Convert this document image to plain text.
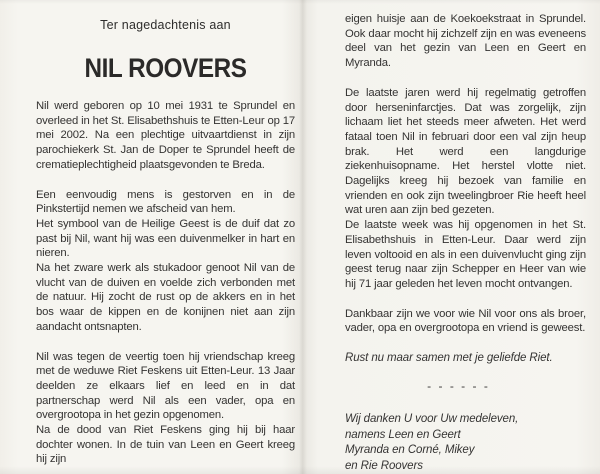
Ter nagedachtenis aan
NIL ROOVERS

Nil werd geboren op 10 mei 1931 te Sprundel en overleed in het St. Elisabethshuis te Etten-Leur op 17 mei 2002. Na een plechtige uitvaartdienst in zijn parochiekerk St. Jan de Doper te Sprundel heeft de crematieplechtigheid plaatsgevonden te Breda.

Een eenvoudig mens is gestorven en in de Pinkstertijd nemen we afscheid van hem.

Het symbool van de Heilige Geest is de duif dat zo past bij Nil, want hij was een duivenmelker in hart en nieren.

Na het zware werk als stukadoor genoot Nil van de vlucht van de duiven en voelde zich verbonden met de natuur. Hij zocht de rust op de akkers en in het bos waar de kippen en de konijnen niet aan zijn aandacht ontsnapten.

Nil was tegen de veertig toen hij vriendschap kreeg met de weduwe Riet Feskens uit Etten-Leur. 13 Jaar deelden ze elkaars lief en leed en in dat partnerschap werd Nil als een vader, opa en overgrootopa in het gezin opgenomen.

Na de dood van Riet Feskens ging hij bij haar dochter wonen. In de tuin van Leen en Geert kreeg hij zijn

eigen huisje aan de Koekoekstraat in Sprundel. Ook daar mocht hij zichzelf zijn en was eveneens deel van het gezin van Leen en Geert en Myranda.

De laatste jaren werd hij regelmatig getroffen door herseninfarctjes. Dat was zorgelijk, zijn lichaam liet het steeds meer afweten. Het werd fataal toen Nil in februari door een val zijn heup brak. Het werd een langdurige ziekenhuisopname. Het herstel vlotte niet. Dagelijks kreeg hij bezoek van familie en vrienden en ook zijn tweelingbroer Rie heeft heel wat uren aan zijn bed gezeten.

De laatste week was hij opgenomen in het St. Elisabethshuis in Etten-Leur. Daar werd zijn leven voltooid en als in een duivenvlucht ging zijn geest terug naar zijn Schepper en Heer van wie hij 71 jaar geleden het leven mocht ontvangen.

Dankbaar zijn we voor wie Nil voor ons als broer, vader, opa en overgrootopa en vriend is geweest.

Rust nu maar samen met je geliefde Riet.
- - - - - -
Wij danken U voor Uw medeleven,
namens Leen en Geert
Myranda en Corné, Mikey
en Rie Roovers
